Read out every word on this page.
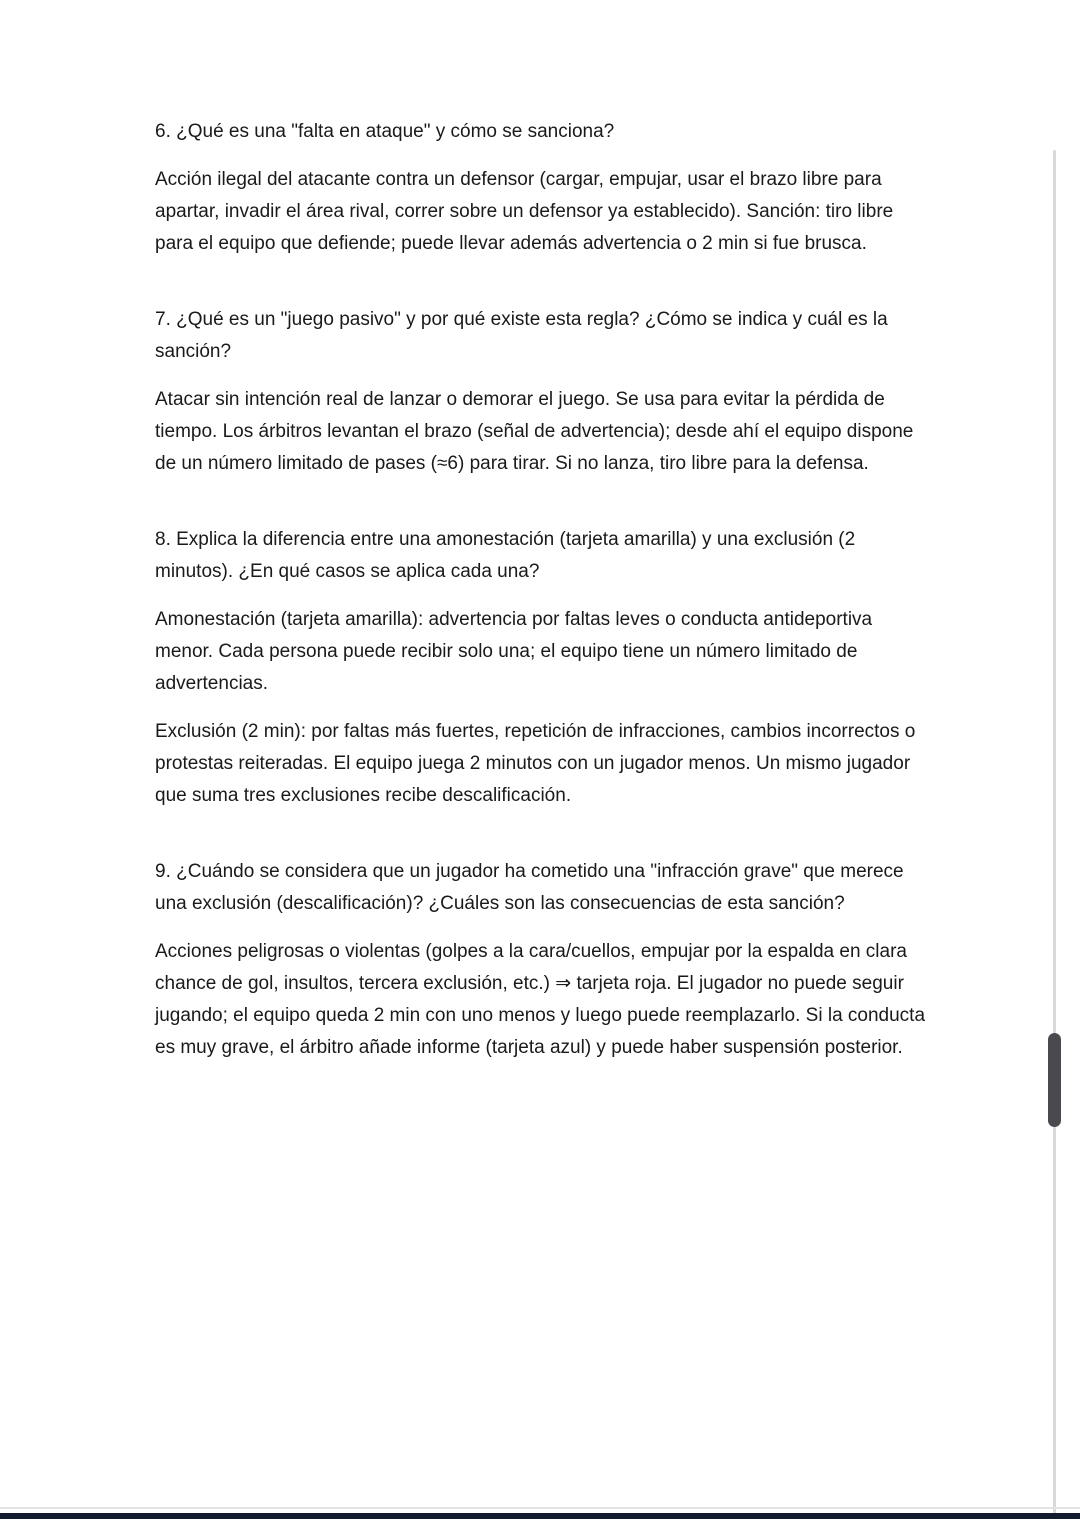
6. ¿Qué es una "falta en ataque" y cómo se sanciona?

Acción ilegal del atacante contra un defensor (cargar, empujar, usar el brazo libre para apartar, invadir el área rival, correr sobre un defensor ya establecido). Sanción: tiro libre para el equipo que defiende; puede llevar además advertencia o 2 min si fue brusca.

7. ¿Qué es un "juego pasivo" y por qué existe esta regla? ¿Cómo se indica y cuál es la sanción?

Atacar sin intención real de lanzar o demorar el juego. Se usa para evitar la pérdida de tiempo. Los árbitros levantan el brazo (señal de advertencia); desde ahí el equipo dispone de un número limitado de pases (≈6) para tirar. Si no lanza, tiro libre para la defensa.

8. Explica la diferencia entre una amonestación (tarjeta amarilla) y una exclusión (2 minutos). ¿En qué casos se aplica cada una?

Amonestación (tarjeta amarilla): advertencia por faltas leves o conducta antideportiva menor. Cada persona puede recibir solo una; el equipo tiene un número limitado de advertencias.

Exclusión (2 min): por faltas más fuertes, repetición de infracciones, cambios incorrectos o protestas reiteradas. El equipo juega 2 minutos con un jugador menos. Un mismo jugador que suma tres exclusiones recibe descalificación.

9. ¿Cuándo se considera que un jugador ha cometido una "infracción grave" que merece una exclusión (descalificación)? ¿Cuáles son las consecuencias de esta sanción?

Acciones peligrosas o violentas (golpes a la cara/cuellos, empujar por la espalda en clara chance de gol, insultos, tercera exclusión, etc.) ⇒ tarjeta roja. El jugador no puede seguir jugando; el equipo queda 2 min con uno menos y luego puede reemplazarlo. Si la conducta es muy grave, el árbitro añade informe (tarjeta azul) y puede haber suspensión posterior.
